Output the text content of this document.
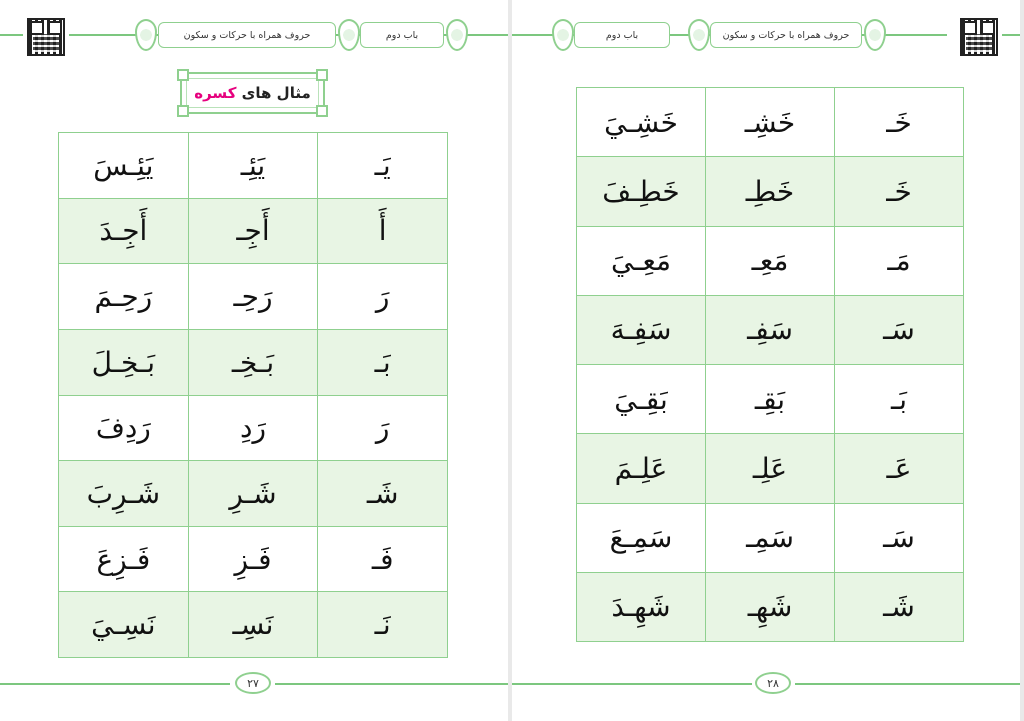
حروف همراه با حرکات و سکون	باب دوم
مثال های کسره
يَئِـسَ	يَئِـ	يَـ
أَجِـدَ	أَجِـ	أَ
رَحِـمَ	رَحِـ	رَ
بَـخِـلَ	بَـخِـ	بَـ
رَدِفَ	رَدِ	رَ
شَـرِبَ	شَـرِ	شَـ
فَـزِعَ	فَـزِ	فَـ
نَسِـيَ	نَسِـ	نَـ
۲۷
باب دوم	حروف همراه با حرکات و سکون
خَشِـيَ	خَشِـ	خَـ
خَطِـفَ	خَطِـ	خَـ
مَعِـيَ	مَعِـ	مَـ
سَفِـهَ	سَفِـ	سَـ
بَقِـيَ	بَقِـ	بَـ
عَلِـمَ	عَلِـ	عَـ
سَمِـعَ	سَمِـ	سَـ
شَهِـدَ	شَهِـ	شَـ
۲۸
